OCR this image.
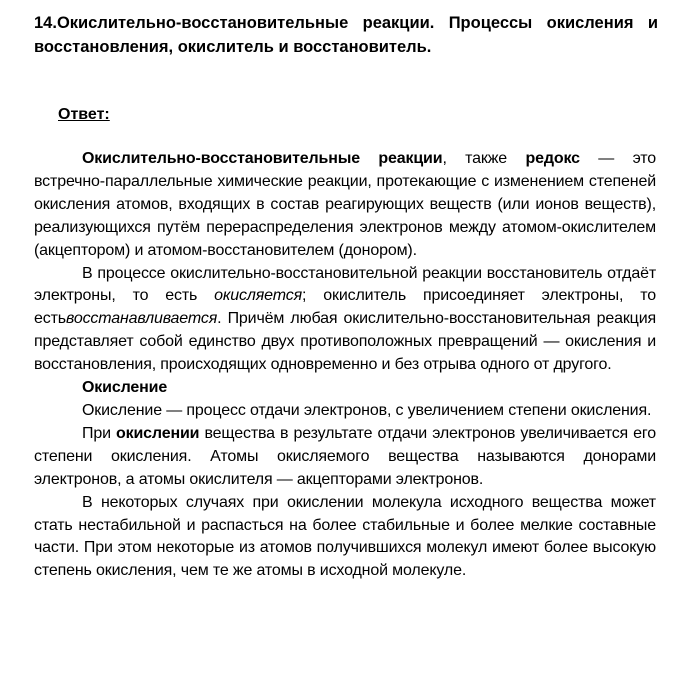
14.Окислительно-восстановительные реакции. Процессы окисления и восстановления, окислитель и восстановитель.
Ответ:

Окислительно-восстановительные реакции, также редокс — это встречно-параллельные химические реакции, протекающие с изменением степеней окисления атомов, входящих в состав реагирующих веществ (или ионов веществ), реализующихся путём перераспределения электронов между атомом-окислителем (акцептором) и атомом-восстановителем (донором).

В процессе окислительно-восстановительной реакции восстановитель отдаёт электроны, то есть окисляется; окислитель присоединяет электроны, то естьвосстанавливается. Причём любая окислительно-восстановительная реакция представляет собой единство двух противоположных превращений — окисления и восстановления, происходящих одновременно и без отрыва одного от другого.

Окисление

Окисление — процесс отдачи электронов, с увеличением степени окисления.

При окислении вещества в результате отдачи электронов увеличивается его степени окисления. Атомы окисляемого вещества называются донорами электронов, а атомы окислителя — акцепторами электронов.

В некоторых случаях при окислении молекула исходного вещества может стать нестабильной и распасться на более стабильные и более мелкие составные части. При этом некоторые из атомов получившихся молекул имеют более высокую степень окисления, чем те же атомы в исходной молекуле.
